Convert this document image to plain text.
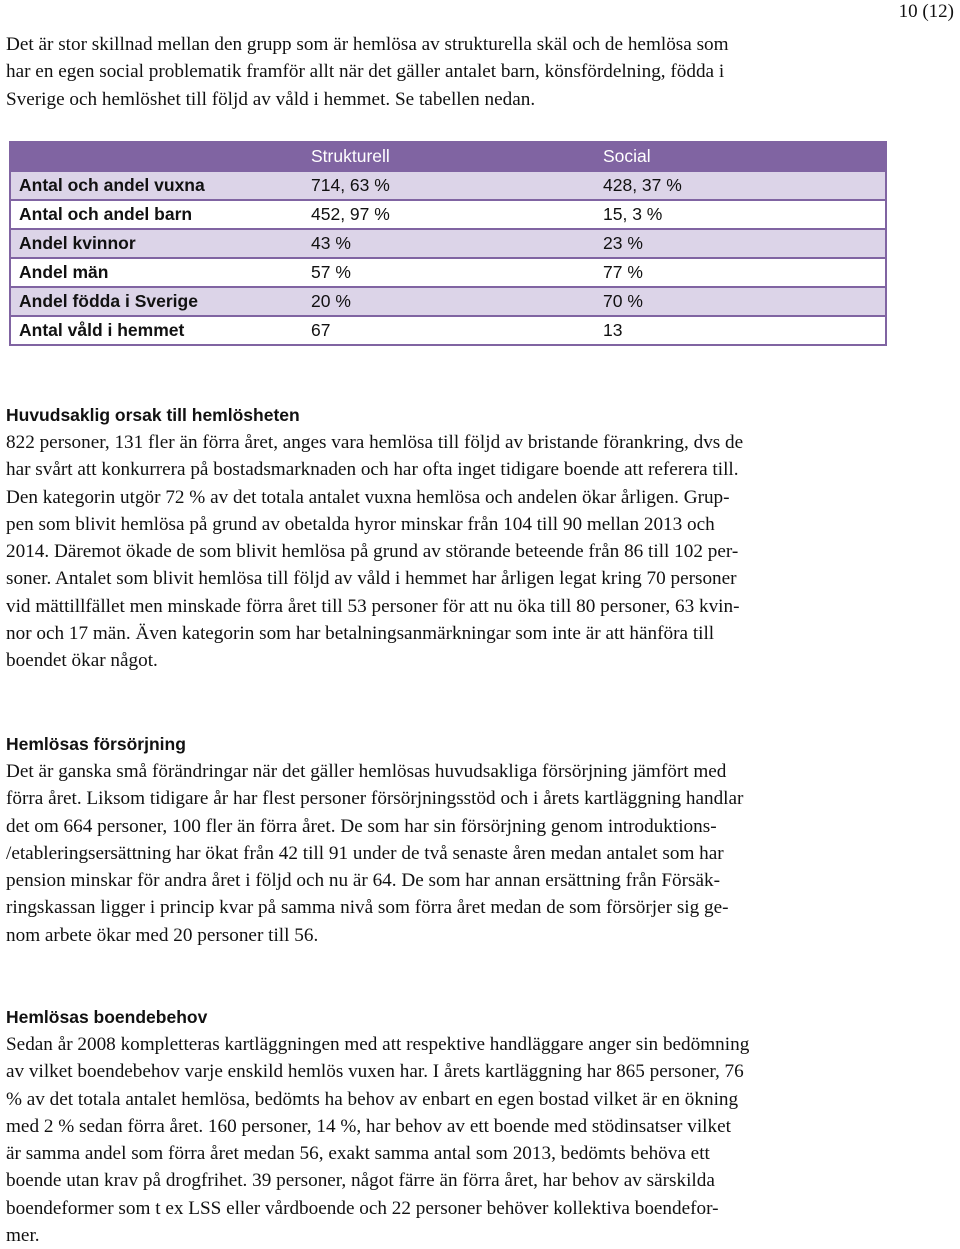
10 (12)
Det är stor skillnad mellan den grupp som är hemlösa av strukturella skäl och de hemlösa som
har en egen social problematik framför allt när det gäller antalet barn, könsfördelning, födda i
Sverige och hemlöshet till följd av våld i hemmet. Se tabellen nedan.
	Strukturell	Social
Antal och andel vuxna	714, 63 %	428, 37 %
Antal och andel barn	452, 97 %	15, 3 %
Andel kvinnor	43 %	23 %
Andel män	57 %	77 %
Andel födda i Sverige	20 %	70 %
Antal våld i hemmet	67	13
Huvudsaklig orsak till hemlösheten
822 personer, 131 fler än förra året, anges vara hemlösa till följd av bristande förankring, dvs de
har svårt att konkurrera på bostadsmarknaden och har ofta inget tidigare boende att referera till.
Den kategorin utgör 72 % av det totala antalet vuxna hemlösa och andelen ökar årligen. Grup-
pen som blivit hemlösa på grund av obetalda hyror minskar från 104 till 90 mellan 2013 och
2014. Däremot ökade de som blivit hemlösa på grund av störande beteende från 86 till 102 per-
soner. Antalet som blivit hemlösa till följd av våld i hemmet har årligen legat kring 70 personer
vid mättillfället men minskade förra året till 53 personer för att nu öka till 80 personer, 63 kvin-
nor och 17 män. Även kategorin som har betalningsanmärkningar som inte är att hänföra till
boendet ökar något.
Hemlösas försörjning
Det är ganska små förändringar när det gäller hemlösas huvudsakliga försörjning jämfört med
förra året. Liksom tidigare år har flest personer försörjningsstöd och i årets kartläggning handlar
det om 664 personer, 100 fler än förra året. De som har sin försörjning genom introduktions-
/etableringsersättning har ökat från 42 till 91 under de två senaste åren medan antalet som har
pension minskar för andra året i följd och nu är 64. De som har annan ersättning från Försäk-
ringskassan ligger i princip kvar på samma nivå som förra året medan de som försörjer sig ge-
nom arbete ökar med 20 personer till 56.
Hemlösas boendebehov
Sedan år 2008 kompletteras kartläggningen med att respektive handläggare anger sin bedömning
av vilket boendebehov varje enskild hemlös vuxen har. I årets kartläggning har 865 personer, 76
% av det totala antalet hemlösa, bedömts ha behov av enbart en egen bostad vilket är en ökning
med 2 % sedan förra året. 160 personer, 14 %, har behov av ett boende med stödinsatser vilket
är samma andel som förra året medan 56, exakt samma antal som 2013, bedömts behöva ett
boende utan krav på drogfrihet. 39 personer, något färre än förra året, har behov av särskilda
boendeformer som t ex LSS eller vårdboende och 22 personer behöver kollektiva boendefor-
mer.
